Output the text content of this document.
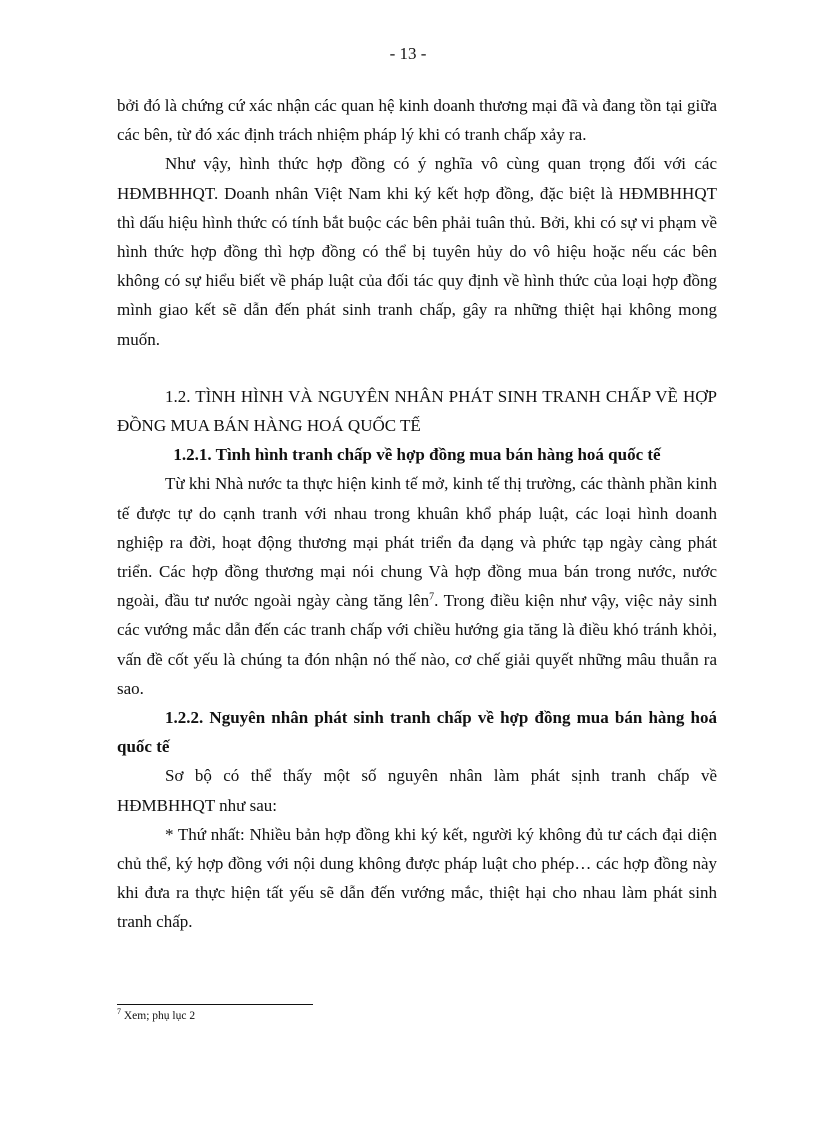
- 13 -

bởi đó là chứng cứ xác nhận các quan hệ kinh doanh thương mại đã và đang tồn tại giữa các bên, từ đó xác định trách nhiệm pháp lý khi có tranh chấp xảy ra.

Như vậy, hình thức hợp đồng có ý nghĩa vô cùng quan trọng đối với các HĐMBHHQT. Doanh nhân Việt Nam khi ký kết hợp đồng, đặc biệt là HĐMBHHQT thì dấu hiệu hình thức có tính bắt buộc các bên phải tuân thủ. Bởi, khi có sự vi phạm về hình thức hợp đồng thì hợp đồng có thể bị tuyên hủy do vô hiệu hoặc nếu các bên không có sự hiểu biết về pháp luật của đối tác quy định về hình thức của loại hợp đồng mình giao kết sẽ dẫn đến phát sinh tranh chấp, gây ra những thiệt hại không mong muốn.

1.2. TÌNH HÌNH VÀ NGUYÊN NHÂN PHÁT SINH TRANH CHẤP VỀ HỢP ĐỒNG MUA BÁN HÀNG HOÁ QUỐC TẾ

1.2.1. Tình hình tranh chấp về hợp đồng mua bán hàng hoá quốc tế

Từ khi Nhà nước ta thực hiện kinh tế mở, kinh tế thị trường, các thành phần kinh tế được tự do cạnh tranh với nhau trong khuân khổ pháp luật, các loại hình doanh nghiệp ra đời, hoạt động thương mại phát triển đa dạng và phức tạp ngày càng phát triển. Các hợp đồng thương mại nói chung Và hợp đồng mua bán trong nước, nước ngoài, đầu tư nước ngoài ngày càng tăng lên$^7$. Trong điều kiện như vậy, việc nảy sinh các vướng mắc dẫn đến các tranh chấp với chiều hướng gia tăng là điều khó tránh khỏi, vấn đề cốt yếu là chúng ta đón nhận nó thế nào, cơ chế giải quyết những mâu thuẫn ra sao.

1.2.2. Nguyên nhân phát sinh tranh chấp về hợp đồng mua bán hàng hoá quốc tế

Sơ bộ có thể thấy một số nguyên nhân làm phát sịnh tranh chấp về HĐMBHHQT như sau:

* Thứ nhất: Nhiều bản hợp đồng khi ký kết, người ký không đủ tư cách đại diện chủ thể, ký hợp đồng với nội dung không được pháp luật cho phép… các hợp đồng này khi đưa ra thực hiện tất yếu sẽ dẫn đến vướng mắc, thiệt hại cho nhau làm phát sinh tranh chấp.

$^7$ Xem; phụ lục 2
